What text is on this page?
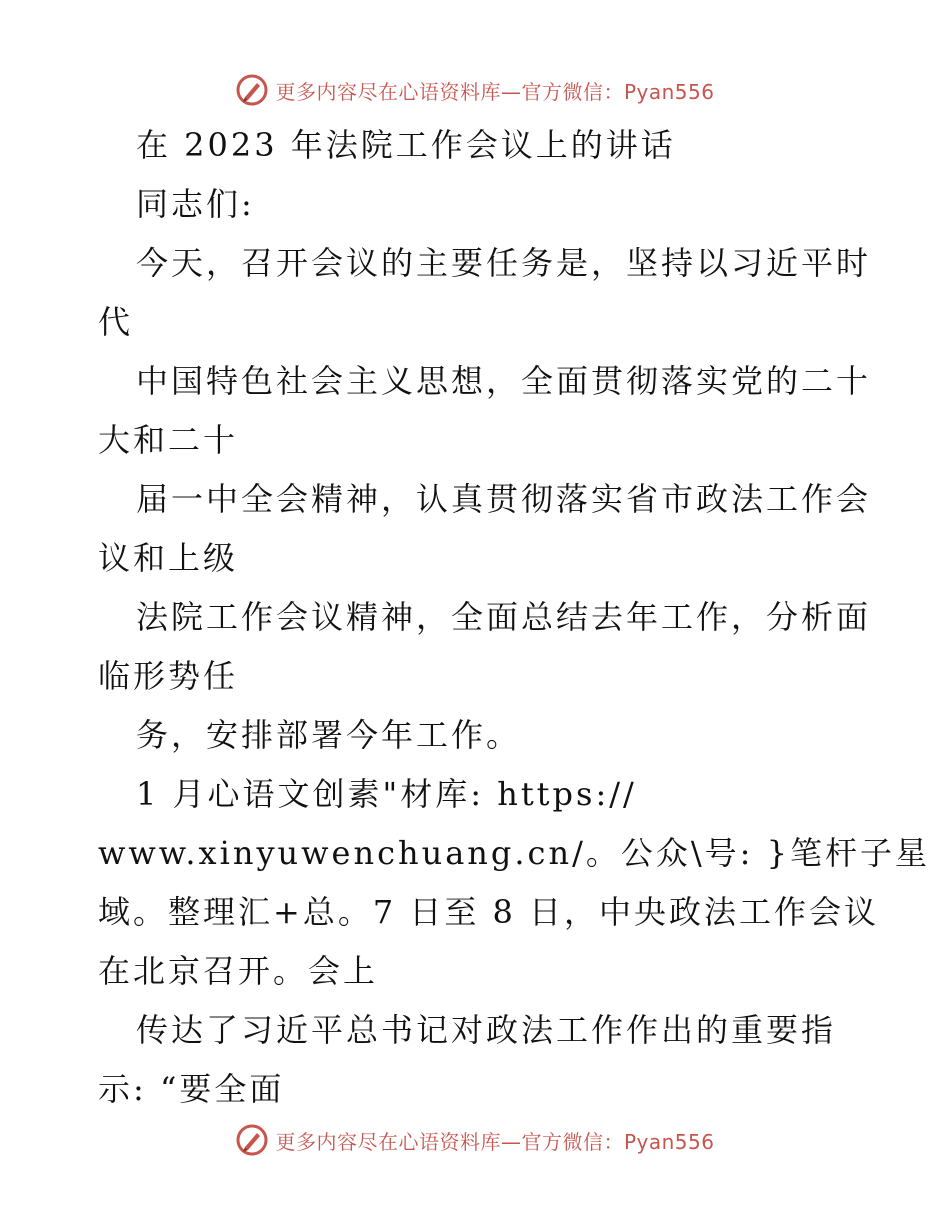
更多内容尽在心语资料库—官方微信：Pyan556
在 2023 年法院工作会议上的讲话
同志们:
今天，召开会议的主要任务是，坚持以习近平时
代
中国特色社会主义思想，全面贯彻落实党的二十
大和二十
届一中全会精神，认真贯彻落实省市政法工作会
议和上级
法院工作会议精神，全面总结去年工作，分析面
临形势任
务，安排部署今年工作。
1 月心语文创素"材库: https://
www.xinyuwenchuang.cn/。公众\号: }笔杆子星
域。整理汇+总。7 日至 8 日，中央政法工作会议
在北京召开。会上
传达了习近平总书记对政法工作作出的重要指
示: “要全面
更多内容尽在心语资料库—官方微信：Pyan556
